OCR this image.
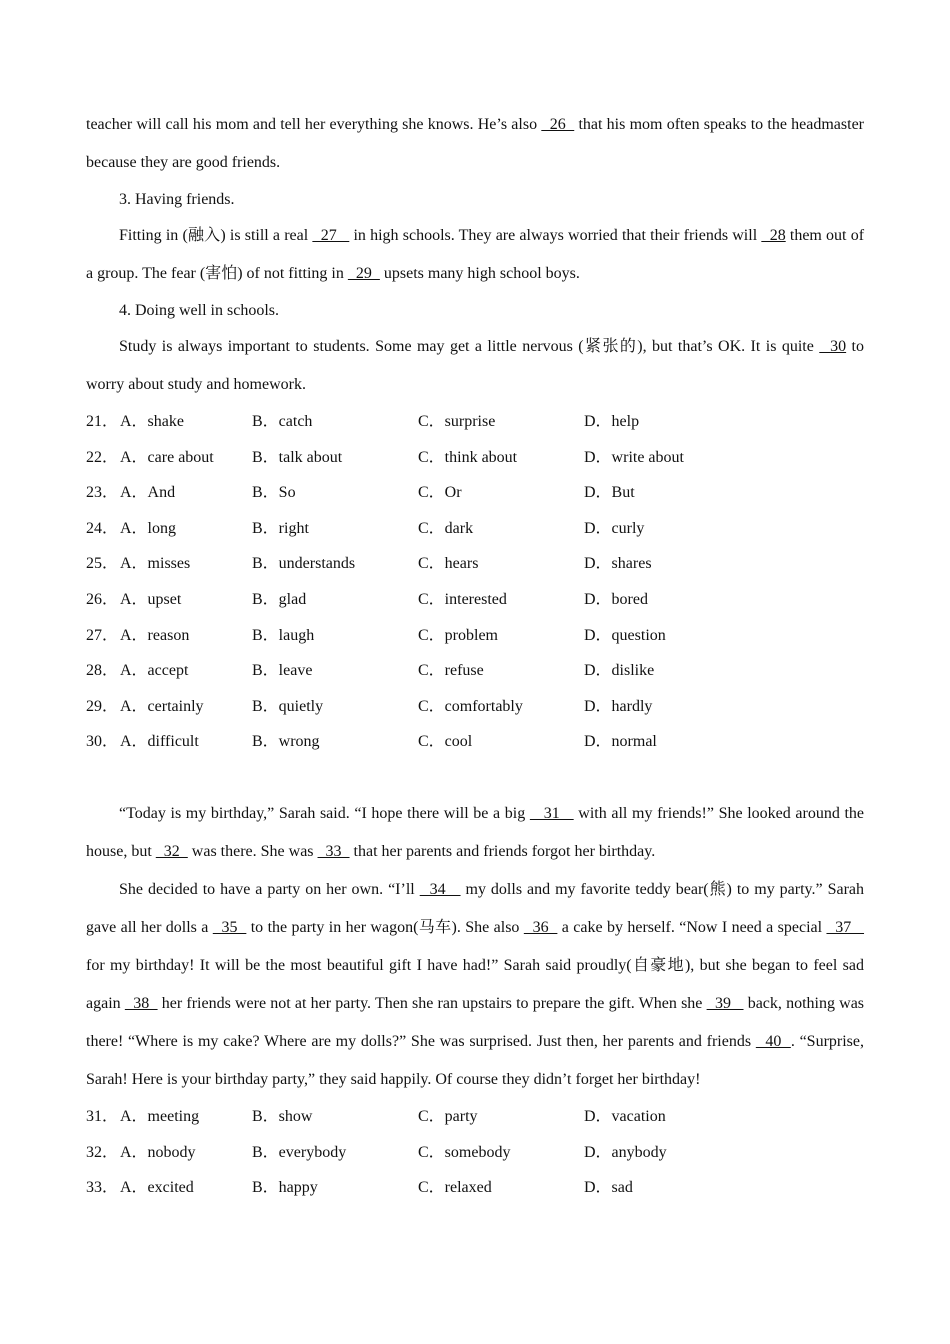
teacher will call his mom and tell her everything she knows. He’s also   26   that his mom often speaks to the headmaster because they are good friends.

3. Having friends.

Fitting in (融入) is still a real   27    in high schools. They are always worried that their friends will   28 them out of a group. The fear (害怕) of not fitting in   29   upsets many high school boys.

4. Doing well in schools.

Study is always important to students. Some may get a little nervous (紧张的), but that’s OK. It is quite   30 to worry about study and homework.

21． A．shake	B．catch	C．surprise	D．help
22． A．care about	B．talk about	C．think about	D．write about
23． A．And	B．So	C．Or	D．But
24． A．long	B．right	C．dark	D．curly
25． A．misses	B．understands	C．hears	D．shares
26． A．upset	B．glad	C．interested	D．bored
27． A．reason	B．laugh	C．problem	D．question
28． A．accept	B．leave	C．refuse	D．dislike
29． A．certainly	B．quietly	C．comfortably	D．hardly
30． A．difficult	B．wrong	C．cool	D．normal

“Today is my birthday,” Sarah said. “I hope there will be a big    31    with all my friends!” She looked around the house, but   32   was there. She was   33   that her parents and friends forgot her birthday.

She decided to have a party on her own. “I’ll   34    my dolls and my favorite teddy bear(熊) to my party.” Sarah gave all her dolls a   35   to the party in her wagon(马车). She also   36   a cake by herself. “Now I need a special   37    for my birthday! It will be the most beautiful gift I have had!” Sarah said proudly(自豪地), but she began to feel sad again   38   her friends were not at her party. Then she ran upstairs to prepare the gift. When she   39    back, nothing was there! “Where is my cake? Where are my dolls?” She was surprised. Just then, her parents and friends   40  . “Surprise, Sarah! Here is your birthday party,” they said happily. Of course they didn’t forget her birthday!

31． A．meeting	B．show	C．party	D．vacation
32． A．nobody	B．everybody	C．somebody	D．anybody
33． A．excited	B．happy	C．relaxed	D．sad
